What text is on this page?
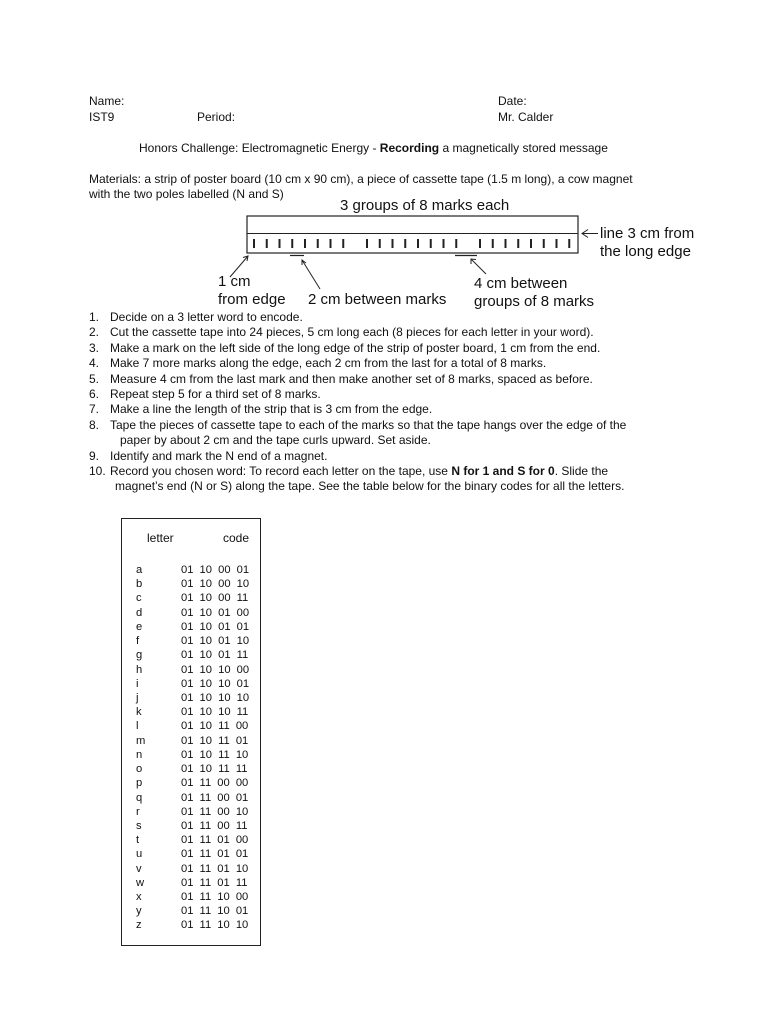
Name:	Date:
IST9	Period:	Mr. Calder
Honors Challenge: Electromagnetic Energy - Recording a magnetically stored message
Materials: a strip of poster board (10 cm x 90 cm), a piece of cassette tape (1.5 m long), a cow magnet
with the two poles labelled (N and S)
3 groups of 8 marks each
line 3 cm from
the long edge
1 cm
from edge 2 cm between marks
4 cm between
groups of 8 marks
1. Decide on a 3 letter word to encode.
2. Cut the cassette tape into 24 pieces, 5 cm long each (8 pieces for each letter in your word).
3. Make a mark on the left side of the long edge of the strip of poster board, 1 cm from the end.
4. Make 7 more marks along the edge, each 2 cm from the last for a total of 8 marks.
5. Measure 4 cm from the last mark and then make another set of 8 marks, spaced as before.
6. Repeat step 5 for a third set of 8 marks.
7. Make a line the length of the strip that is 3 cm from the edge.
8. Tape the pieces of cassette tape to each of the marks so that the tape hangs over the edge of the
paper by about 2 cm and the tape curls upward. Set aside.
9. Identify and mark the N end of a magnet.
10. Record you chosen word: To record each letter on the tape, use N for 1 and S for 0. Slide the
magnet’s end (N or S) along the tape. See the table below for the binary codes for all the letters.
letter	code
a	01 10 00 01
b	01 10 00 10
c	01 10 00 11
d	01 10 01 00
e	01 10 01 01
f	01 10 01 10
g	01 10 01 11
h	01 10 10 00
i	01 10 10 01
j	01 10 10 10
k	01 10 10 11
l	01 10 11 00
m	01 10 11 01
n	01 10 11 10
o	01 10 11 11
p	01 11 00 00
q	01 11 00 01
r	01 11 00 10
s	01 11 00 11
t	01 11 01 00
u	01 11 01 01
v	01 11 01 10
w	01 11 01 11
x	01 11 10 00
y	01 11 10 01
z	01 11 10 10
